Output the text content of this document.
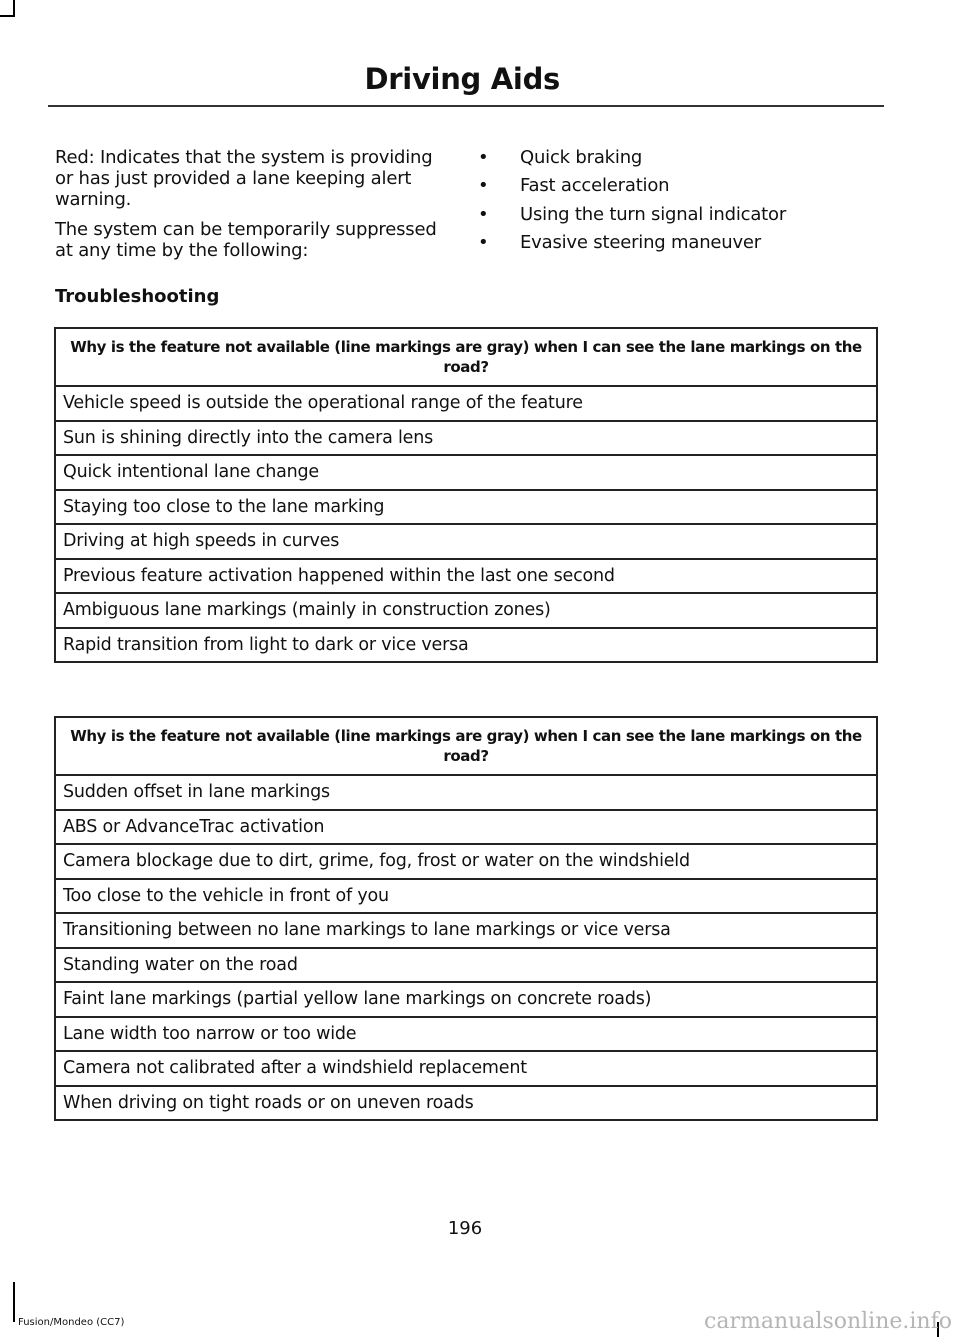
Driving Aids

Red: Indicates that the system is providing or has just provided a lane keeping alert warning.

The system can be temporarily suppressed at any time by the following:

•	Quick braking
•	Fast acceleration
•	Using the turn signal indicator
•	Evasive steering maneuver
Troubleshooting
Why is the feature not available (line markings are gray) when I can see the lane markings on the road?
Vehicle speed is outside the operational range of the feature
Sun is shining directly into the camera lens
Quick intentional lane change
Staying too close to the lane marking
Driving at high speeds in curves
Previous feature activation happened within the last one second
Ambiguous lane markings (mainly in construction zones)
Rapid transition from light to dark or vice versa
Why is the feature not available (line markings are gray) when I can see the lane markings on the road?
Sudden offset in lane markings
ABS or AdvanceTrac activation
Camera blockage due to dirt, grime, fog, frost or water on the windshield
Too close to the vehicle in front of you
Transitioning between no lane markings to lane markings or vice versa
Standing water on the road
Faint lane markings (partial yellow lane markings on concrete roads)
Lane width too narrow or too wide
Camera not calibrated after a windshield replacement
When driving on tight roads or on uneven roads
196
Fusion/Mondeo (CC7)	carmanualsonline.info
